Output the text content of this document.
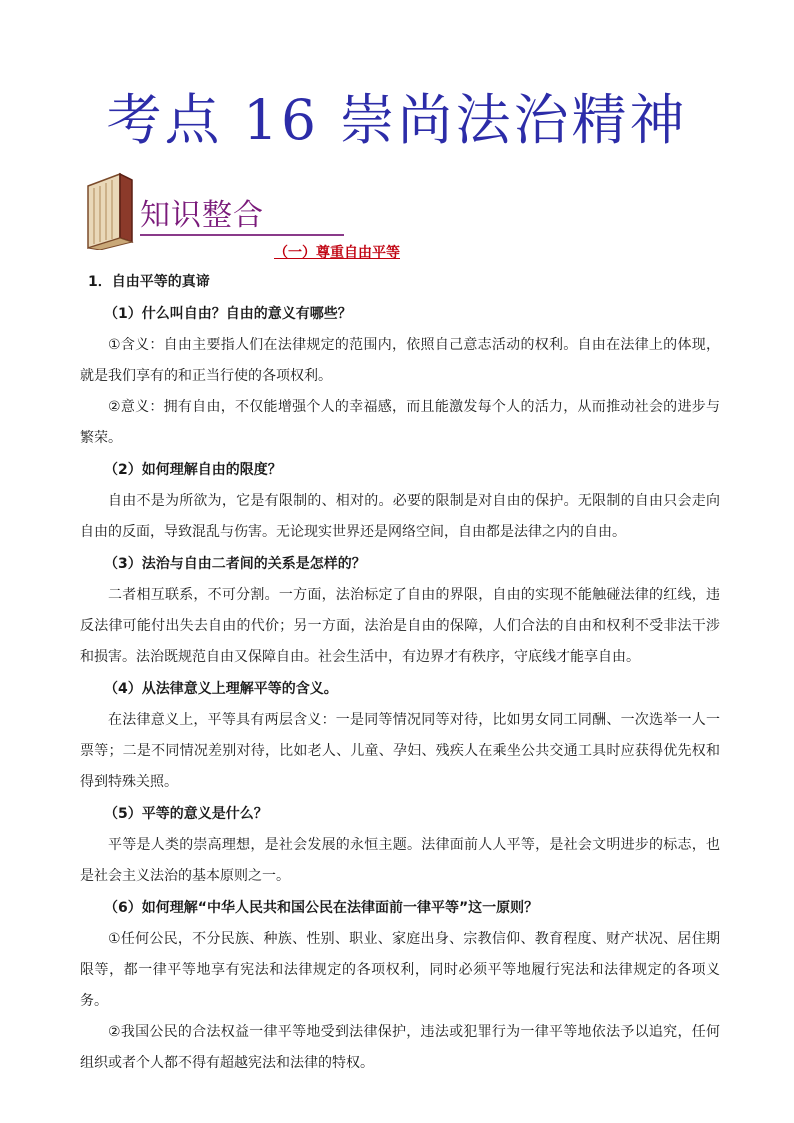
考点 16 崇尚法治精神
知识整合
（一）尊重自由平等

1．自由平等的真谛

（1）什么叫自由？自由的意义有哪些？

①含义：自由主要指人们在法律规定的范围内，依照自己意志活动的权利。自由在法律上的体现，就是我们享有的和正当行使的各项权利。

②意义：拥有自由，不仅能增强个人的幸福感，而且能激发每个人的活力，从而推动社会的进步与繁荣。

（2）如何理解自由的限度？

自由不是为所欲为，它是有限制的、相对的。必要的限制是对自由的保护。无限制的自由只会走向自由的反面，导致混乱与伤害。无论现实世界还是网络空间，自由都是法律之内的自由。

（3）法治与自由二者间的关系是怎样的？

二者相互联系，不可分割。一方面，法治标定了自由的界限，自由的实现不能触碰法律的红线，违反法律可能付出失去自由的代价；另一方面，法治是自由的保障，人们合法的自由和权利不受非法干涉和损害。法治既规范自由又保障自由。社会生活中，有边界才有秩序，守底线才能享自由。

（4）从法律意义上理解平等的含义。

在法律意义上，平等具有两层含义：一是同等情况同等对待，比如男女同工同酬、一次选举一人一票等；二是不同情况差别对待，比如老人、儿童、孕妇、残疾人在乘坐公共交通工具时应获得优先权和得到特殊关照。

（5）平等的意义是什么？

平等是人类的崇高理想，是社会发展的永恒主题。法律面前人人平等，是社会文明进步的标志，也是社会主义法治的基本原则之一。

（6）如何理解“中华人民共和国公民在法律面前一律平等”这一原则？

①任何公民，不分民族、种族、性别、职业、家庭出身、宗教信仰、教育程度、财产状况、居住期限等，都一律平等地享有宪法和法律规定的各项权利，同时必须平等地履行宪法和法律规定的各项义务。

②我国公民的合法权益一律平等地受到法律保护，违法或犯罪行为一律平等地依法予以追究，任何组织或者个人都不得有超越宪法和法律的特权。
